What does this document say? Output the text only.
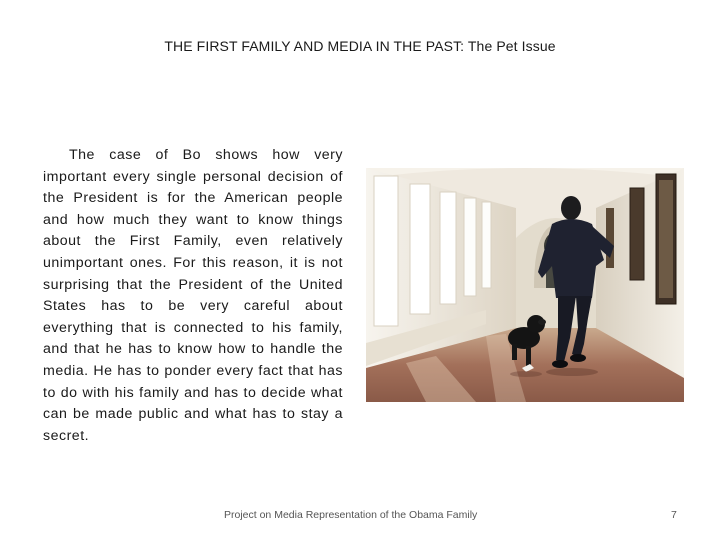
THE FIRST FAMILY AND MEDIA IN THE PAST: The Pet Issue
The case of Bo shows how very important every single personal decision of the President is for the American people and how much they want to know things about the First Family, even relatively unimportant ones. For this reason, it is not surprising that the President of the United States has to be very careful about everything that is connected to his family, and that he has to know how to handle the media. He has to ponder every fact that has to do with his family and has to decide what can be made public and what has to stay a secret.
Project on Media Representation of the Obama Family	7
